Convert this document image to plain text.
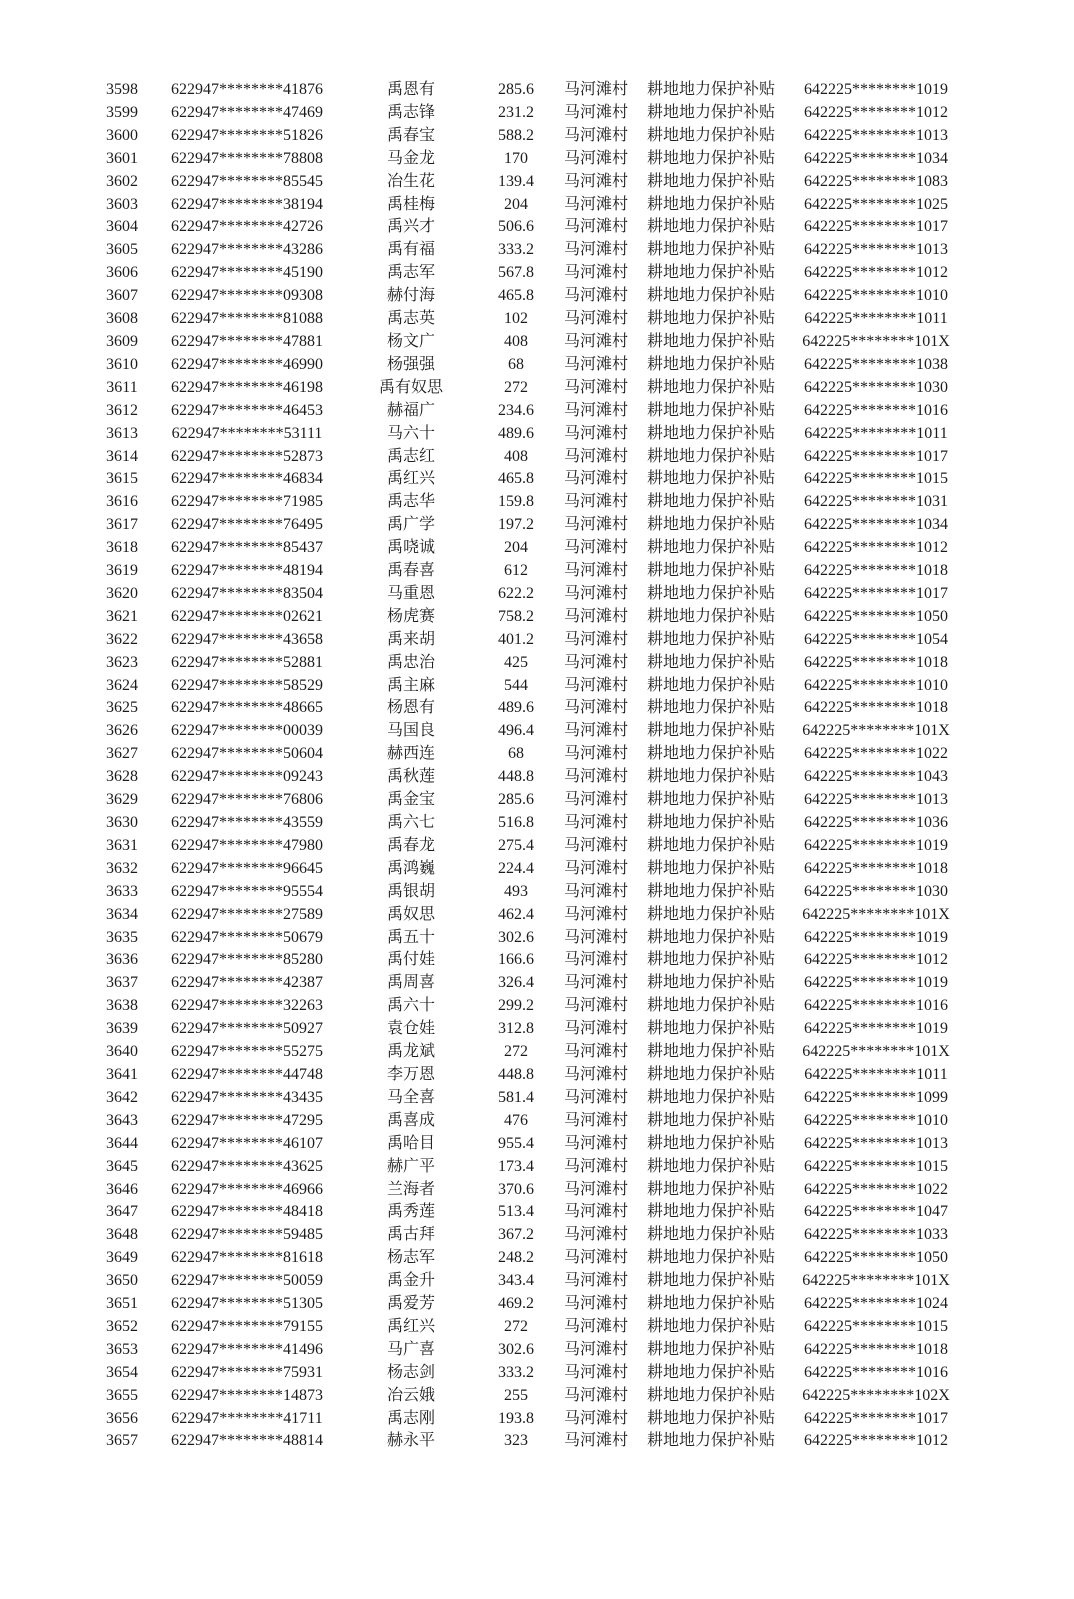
3598	622947********41876	禹恩有	285.6	马河滩村	耕地地力保护补贴	642225********1019
3599	622947********47469	禹志锋	231.2	马河滩村	耕地地力保护补贴	642225********1012
3600	622947********51826	禹春宝	588.2	马河滩村	耕地地力保护补贴	642225********1013
3601	622947********78808	马金龙	170	马河滩村	耕地地力保护补贴	642225********1034
3602	622947********85545	冶生花	139.4	马河滩村	耕地地力保护补贴	642225********1083
3603	622947********38194	禹桂梅	204	马河滩村	耕地地力保护补贴	642225********1025
3604	622947********42726	禹兴才	506.6	马河滩村	耕地地力保护补贴	642225********1017
3605	622947********43286	禹有福	333.2	马河滩村	耕地地力保护补贴	642225********1013
3606	622947********45190	禹志军	567.8	马河滩村	耕地地力保护补贴	642225********1012
3607	622947********09308	赫付海	465.8	马河滩村	耕地地力保护补贴	642225********1010
3608	622947********81088	禹志英	102	马河滩村	耕地地力保护补贴	642225********1011
3609	622947********47881	杨文广	408	马河滩村	耕地地力保护补贴	642225********101X
3610	622947********46990	杨强强	68	马河滩村	耕地地力保护补贴	642225********1038
3611	622947********46198	禹有奴思	272	马河滩村	耕地地力保护补贴	642225********1030
3612	622947********46453	赫福广	234.6	马河滩村	耕地地力保护补贴	642225********1016
3613	622947********53111	马六十	489.6	马河滩村	耕地地力保护补贴	642225********1011
3614	622947********52873	禹志红	408	马河滩村	耕地地力保护补贴	642225********1017
3615	622947********46834	禹红兴	465.8	马河滩村	耕地地力保护补贴	642225********1015
3616	622947********71985	禹志华	159.8	马河滩村	耕地地力保护补贴	642225********1031
3617	622947********76495	禹广学	197.2	马河滩村	耕地地力保护补贴	642225********1034
3618	622947********85437	禹哓诚	204	马河滩村	耕地地力保护补贴	642225********1012
3619	622947********48194	禹春喜	612	马河滩村	耕地地力保护补贴	642225********1018
3620	622947********83504	马重恩	622.2	马河滩村	耕地地力保护补贴	642225********1017
3621	622947********02621	杨虎赛	758.2	马河滩村	耕地地力保护补贴	642225********1050
3622	622947********43658	禹来胡	401.2	马河滩村	耕地地力保护补贴	642225********1054
3623	622947********52881	禹忠治	425	马河滩村	耕地地力保护补贴	642225********1018
3624	622947********58529	禹主麻	544	马河滩村	耕地地力保护补贴	642225********1010
3625	622947********48665	杨恩有	489.6	马河滩村	耕地地力保护补贴	642225********1018
3626	622947********00039	马国良	496.4	马河滩村	耕地地力保护补贴	642225********101X
3627	622947********50604	赫西连	68	马河滩村	耕地地力保护补贴	642225********1022
3628	622947********09243	禹秋莲	448.8	马河滩村	耕地地力保护补贴	642225********1043
3629	622947********76806	禹金宝	285.6	马河滩村	耕地地力保护补贴	642225********1013
3630	622947********43559	禹六七	516.8	马河滩村	耕地地力保护补贴	642225********1036
3631	622947********47980	禹春龙	275.4	马河滩村	耕地地力保护补贴	642225********1019
3632	622947********96645	禹鸿巍	224.4	马河滩村	耕地地力保护补贴	642225********1018
3633	622947********95554	禹银胡	493	马河滩村	耕地地力保护补贴	642225********1030
3634	622947********27589	禹奴思	462.4	马河滩村	耕地地力保护补贴	642225********101X
3635	622947********50679	禹五十	302.6	马河滩村	耕地地力保护补贴	642225********1019
3636	622947********85280	禹付娃	166.6	马河滩村	耕地地力保护补贴	642225********1012
3637	622947********42387	禹周喜	326.4	马河滩村	耕地地力保护补贴	642225********1019
3638	622947********32263	禹六十	299.2	马河滩村	耕地地力保护补贴	642225********1016
3639	622947********50927	袁仓娃	312.8	马河滩村	耕地地力保护补贴	642225********1019
3640	622947********55275	禹龙斌	272	马河滩村	耕地地力保护补贴	642225********101X
3641	622947********44748	李万恩	448.8	马河滩村	耕地地力保护补贴	642225********1011
3642	622947********43435	马全喜	581.4	马河滩村	耕地地力保护补贴	642225********1099
3643	622947********47295	禹喜成	476	马河滩村	耕地地力保护补贴	642225********1010
3644	622947********46107	禹哈目	955.4	马河滩村	耕地地力保护补贴	642225********1013
3645	622947********43625	赫广平	173.4	马河滩村	耕地地力保护补贴	642225********1015
3646	622947********46966	兰海者	370.6	马河滩村	耕地地力保护补贴	642225********1022
3647	622947********48418	禹秀莲	513.4	马河滩村	耕地地力保护补贴	642225********1047
3648	622947********59485	禹古拜	367.2	马河滩村	耕地地力保护补贴	642225********1033
3649	622947********81618	杨志军	248.2	马河滩村	耕地地力保护补贴	642225********1050
3650	622947********50059	禹金升	343.4	马河滩村	耕地地力保护补贴	642225********101X
3651	622947********51305	禹爱芳	469.2	马河滩村	耕地地力保护补贴	642225********1024
3652	622947********79155	禹红兴	272	马河滩村	耕地地力保护补贴	642225********1015
3653	622947********41496	马广喜	302.6	马河滩村	耕地地力保护补贴	642225********1018
3654	622947********75931	杨志剑	333.2	马河滩村	耕地地力保护补贴	642225********1016
3655	622947********14873	冶云娥	255	马河滩村	耕地地力保护补贴	642225********102X
3656	622947********41711	禹志刚	193.8	马河滩村	耕地地力保护补贴	642225********1017
3657	622947********48814	赫永平	323	马河滩村	耕地地力保护补贴	642225********1012
